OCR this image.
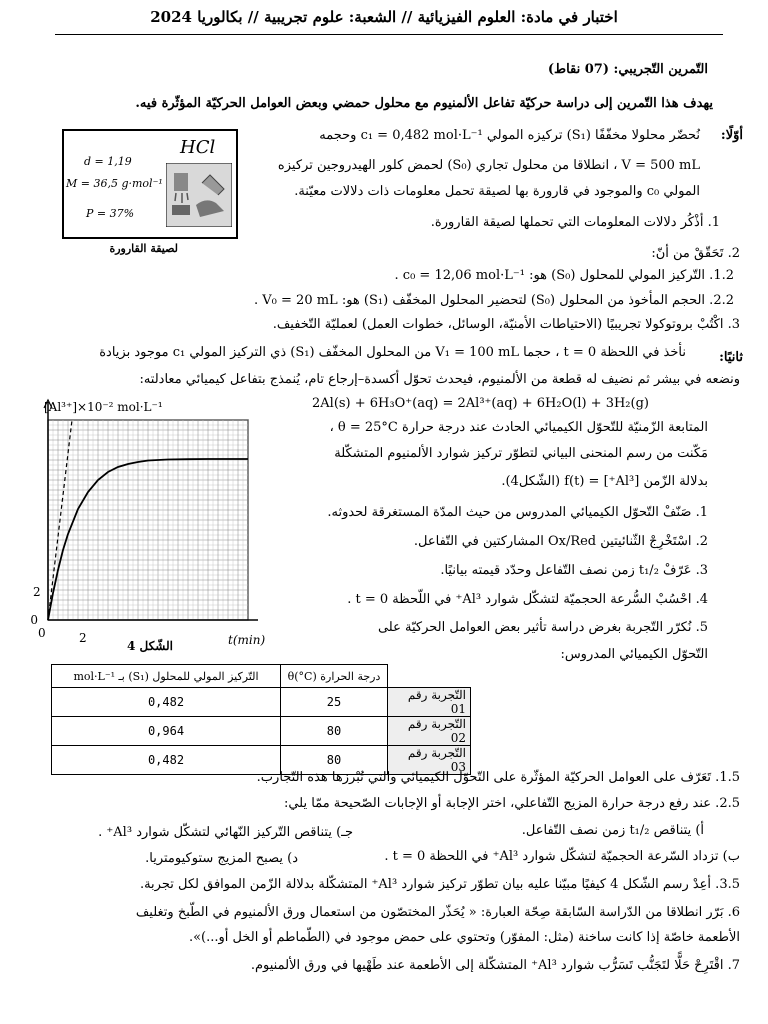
اختبار في مادة: العلوم الفيزيائية // الشعبة: علوم تجريبية // بكالوريا 2024
التّمرين التّجريبي: (07 نقاط)
يهدف هذا التّمرين إلى دراسة حركيّة تفاعل الألمنيوم مع محلول حمضي وبعض العوامل الحركيّة المؤثّرة فيه.
d = 1,19
M = 36,5 g·mol⁻¹
P = 37%
HCl
لصيقة القارورة
أوّلًا:
نُحضّر محلولا مخفّفًا (S₁) تركيزه المولي c₁ = 0,482 mol·L⁻¹ وحجمه
V = 500 mL ، انطلاقا من محلول تجاري (S₀) لحمض كلور الهيدروجين تركيزه
المولي c₀ والموجود في قارورة بها لصيقة تحمل معلومات ذات دلالات معيّنة.
1. أذْكُر دلالات المعلومات التي تحملها لصيقة القارورة.
2. تَحَقّقْ من أنّ:
1.2. التّركيز المولي للمحلول (S₀) هو: c₀ = 12,06 mol·L⁻¹ .
2.2. الحجم المأخوذ من المحلول (S₀) لتحضير المحلول المخفّف (S₁) هو: V₀ = 20 mL .
3. اكْتُبْ بروتوكولا تجريبيًا (الاحتياطات الأمنيّة، الوسائل، خطوات العمل) لعمليّة التّخفيف.
ثانيًا:
نأخذ في اللحظة t = 0 ، حجما V₁ = 100 mL من المحلول المخفّف (S₁) ذي التركيز المولي c₁ موجود بزيادة
ونضعه في بيشر ثم نضيف له قطعة من الألمنيوم، فيحدث تحوّل أكسدة–إرجاع تام، يُنمذج بتفاعل كيميائي معادلته:
2Al(s) + 6H₃O⁺(aq) = 2Al³⁺(aq) + 6H₂O(l) + 3H₂(g)
المتابعة الزّمنيّة للتّحوّل الكيميائي الحادث عند درجة حرارة θ = 25°C ،
مَكّنت من رسم المنحنى البياني لتطوّر تركيز شوارد الألمنيوم المتشكّلة
بدلالة الزّمن [Al³⁺] = f(t) (الشّكل4).
1. صَنّفْ التّحوّل الكيميائي المدروس من حيث المدّة المستغرقة لحدوثه.
2. اسْتَخْرِجْ الثّنائيتين Ox/Red المشاركتين في التّفاعل.
3. عَرّفْ t₁/₂ زمن نصف التّفاعل وحدّد قيمته بيانيًا.
4. احْسُبْ السُّرعة الحجميّة لتشكّل شوارد Al³⁺ في اللّحظة t = 0 .
5. نُكرّر التّجربة بغرض دراسة تأثير بعض العوامل الحركيّة على
التّحوّل الكيميائي المدروس:
0
[Al³⁺]×10⁻² mol·L⁻¹
t(min)
0	2
2
الشّكل 4
التّركيز المولي للمحلول (S₁) بـ mol·L⁻¹	درجة الحرارة θ(°C)	
0,482	25	التّجربة رقم 01
0,964	80	التّجربة رقم 02
0,482	80	التّجربة رقم 03
1.5. تَعَرّف على العوامل الحركيّة المؤثّرة على التّحوّل الكيميائي والتي تُبْرزها هذه التّجارب.
2.5. عند رفع درجة حرارة المزيج التّفاعلي، اختر الإجابة أو الإجابات الصّحيحة ممّا يلي:
أ) يتناقص t₁/₂ زمن نصف التّفاعل.
جـ) يتناقص التّركيز النّهائي لتشكّل شوارد Al³⁺ .
ب) تزداد السّرعة الحجميّة لتشكّل شوارد Al³⁺ في اللحظة t = 0 .
د) يصبح المزيج ستوكيومتريا.
3.5. أعِدْ رسم الشّكل 4 كيفيًا مبيّنا عليه بيان تطوّر تركيز شوارد Al³⁺ المتشكّلة بدلالة الزّمن الموافق لكل تجربة.
6. بَرّر انطلاقا من الدّراسة السّابقة صِحّة العبارة: « يُحَذّر المختصّون من استعمال ورق الألمنيوم في الطّبخ وتغليف
الأطعمة خاصّة إذا كانت ساخنة (مثل: المفوّر) وتحتوي على حمض موجود في (الطّماطم أو الخل أو...)».
7. اقْتَرِحْ حَلًّا لتَجَنُّب تَسَرُّب شوارد Al³⁺ المتشكّلة إلى الأطعمة عند طَهْيها في ورق الألمنيوم.
